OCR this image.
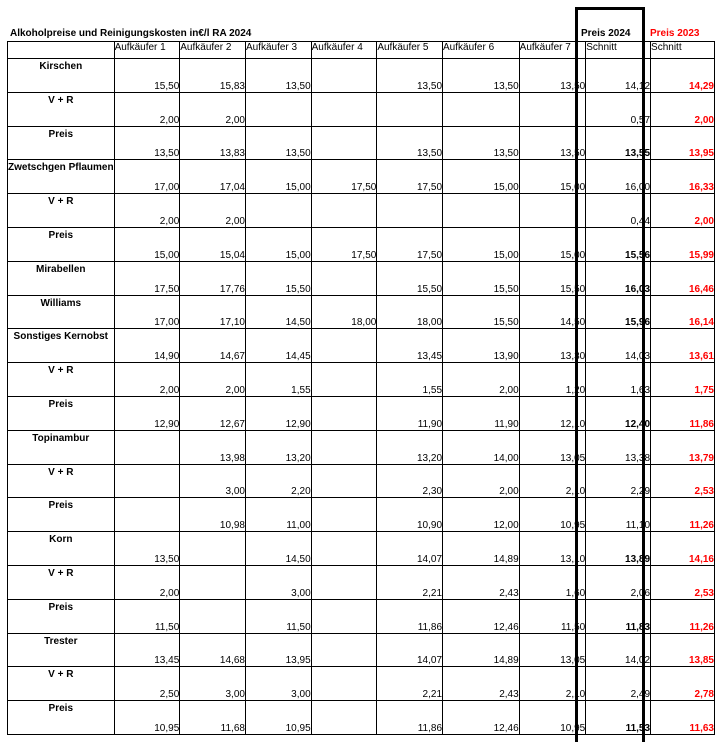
Alkoholpreise und Reinigungskosten in€/l RA 2024	Preis 2024	Preis 2023
	Aufkäufer 1	Aufkäufer 2	Aufkäufer 3	Aufkäufer 4	Aufkäufer 5	Aufkäufer 6	Aufkäufer 7	Schnitt	Schnitt
Kirschen	15,50	15,83	13,50		13,50	13,50	13,50	14,12	14,29
V + R	2,00	2,00						0,57	2,00
Preis	13,50	13,83	13,50		13,50	13,50	13,50	13,55	13,95
Zwetschgen Pflaumen	17,00	17,04	15,00	17,50	17,50	15,00	15,00	16,00	16,33
V + R	2,00	2,00						0,44	2,00
Preis	15,00	15,04	15,00	17,50	17,50	15,00	15,00	15,56	15,99
Mirabellen	17,50	17,76	15,50		15,50	15,50	15,50	16,03	16,46
Williams	17,00	17,10	14,50	18,00	18,00	15,50	14,50	15,96	16,14
Sonstiges Kernobst	14,90	14,67	14,45		13,45	13,90	13,30	14,03	13,61
V + R	2,00	2,00	1,55		1,55	2,00	1,20	1,63	1,75
Preis	12,90	12,67	12,90		11,90	11,90	12,10	12,40	11,86
Topinambur		13,98	13,20		13,20	14,00	13,05	13,38	13,79
V + R		3,00	2,20		2,30	2,00	2,10	2,29	2,53
Preis		10,98	11,00		10,90	12,00	10,95	11,10	11,26
Korn	13,50		14,50		14,07	14,89	13,10	13,89	14,16
V + R	2,00		3,00		2,21	2,43	1,60	2,06	2,53
Preis	11,50		11,50		11,86	12,46	11,50	11,83	11,26
Trester	13,45	14,68	13,95		14,07	14,89	13,05	14,02	13,85
V + R	2,50	3,00	3,00		2,21	2,43	2,10	2,49	2,78
Preis	10,95	11,68	10,95		11,86	12,46	10,95	11,53	11,63
